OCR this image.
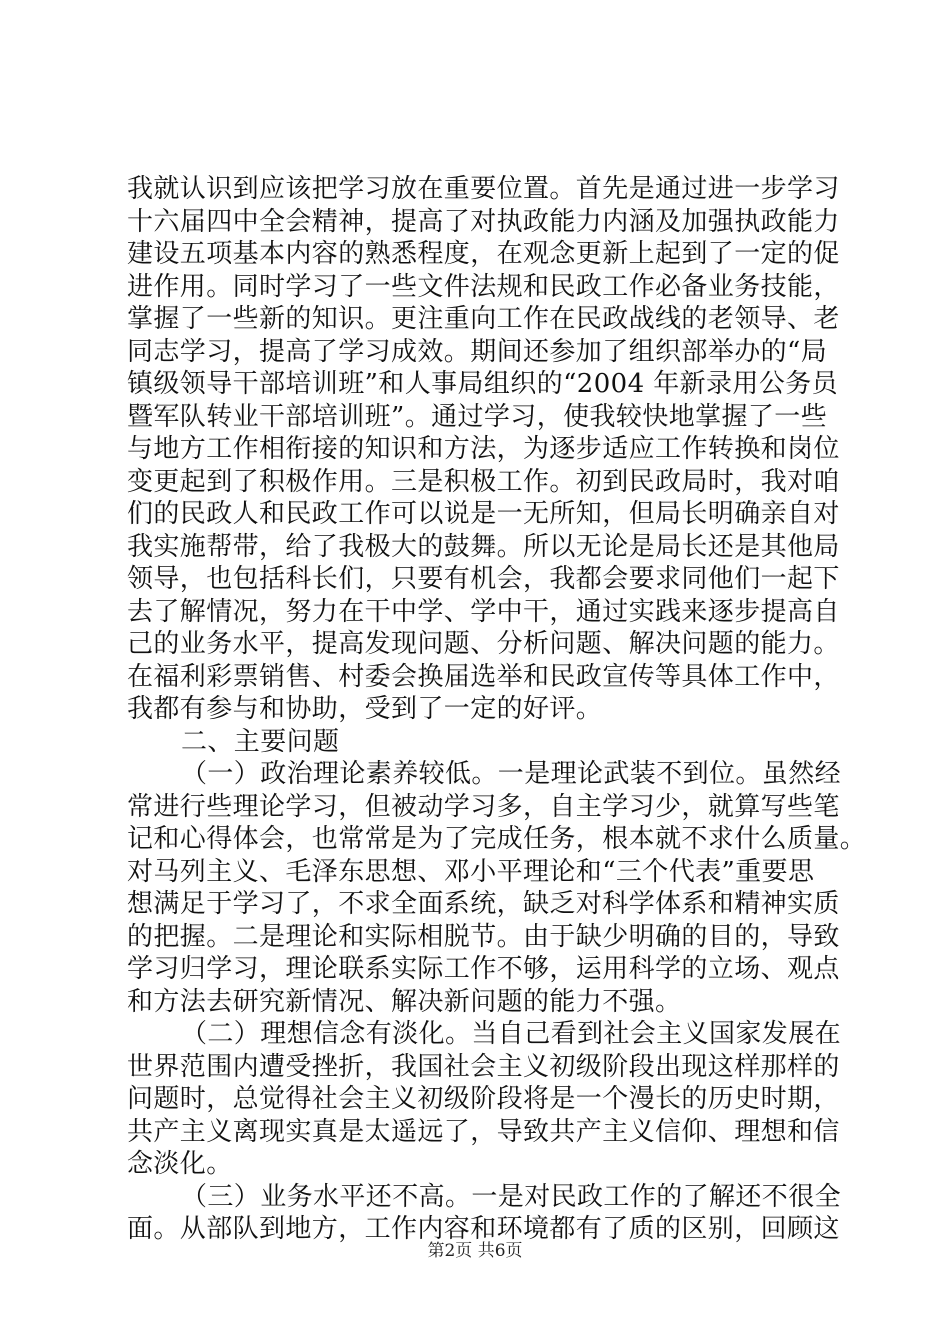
我就认识到应该把学习放在重要位置。首先是通过进一步学习
十六届四中全会精神，提高了对执政能力内涵及加强执政能力
建设五项基本内容的熟悉程度，在观念更新上起到了一定的促
进作用。同时学习了一些文件法规和民政工作必备业务技能，
掌握了一些新的知识。更注重向工作在民政战线的老领导、老
同志学习，提高了学习成效。期间还参加了组织部举办的“局
镇级领导干部培训班”和人事局组织的“2004 年新录用公务员
暨军队转业干部培训班”。通过学习，使我较快地掌握了一些
与地方工作相衔接的知识和方法，为逐步适应工作转换和岗位
变更起到了积极作用。三是积极工作。初到民政局时，我对咱
们的民政人和民政工作可以说是一无所知，但局长明确亲自对
我实施帮带，给了我极大的鼓舞。所以无论是局长还是其他局
领导，也包括科长们，只要有机会，我都会要求同他们一起下
去了解情况，努力在干中学、学中干，通过实践来逐步提高自
己的业务水平，提高发现问题、分析问题、解决问题的能力。
在福利彩票销售、村委会换届选举和民政宣传等具体工作中，
我都有参与和协助，受到了一定的好评。
二、主要问题
（一）政治理论素养较低。一是理论武装不到位。虽然经
常进行些理论学习，但被动学习多，自主学习少，就算写些笔
记和心得体会，也常常是为了完成任务，根本就不求什么质量。
对马列主义、毛泽东思想、邓小平理论和“三个代表”重要思
想满足于学习了，不求全面系统，缺乏对科学体系和精神实质
的把握。二是理论和实际相脱节。由于缺少明确的目的，导致
学习归学习，理论联系实际工作不够，运用科学的立场、观点
和方法去研究新情况、解决新问题的能力不强。
（二）理想信念有淡化。当自己看到社会主义国家发展在
世界范围内遭受挫折，我国社会主义初级阶段出现这样那样的
问题时，总觉得社会主义初级阶段将是一个漫长的历史时期，
共产主义离现实真是太遥远了，导致共产主义信仰、理想和信
念淡化。
（三）业务水平还不高。一是对民政工作的了解还不很全
面。从部队到地方，工作内容和环境都有了质的区别，回顾这
第2页 共6页
